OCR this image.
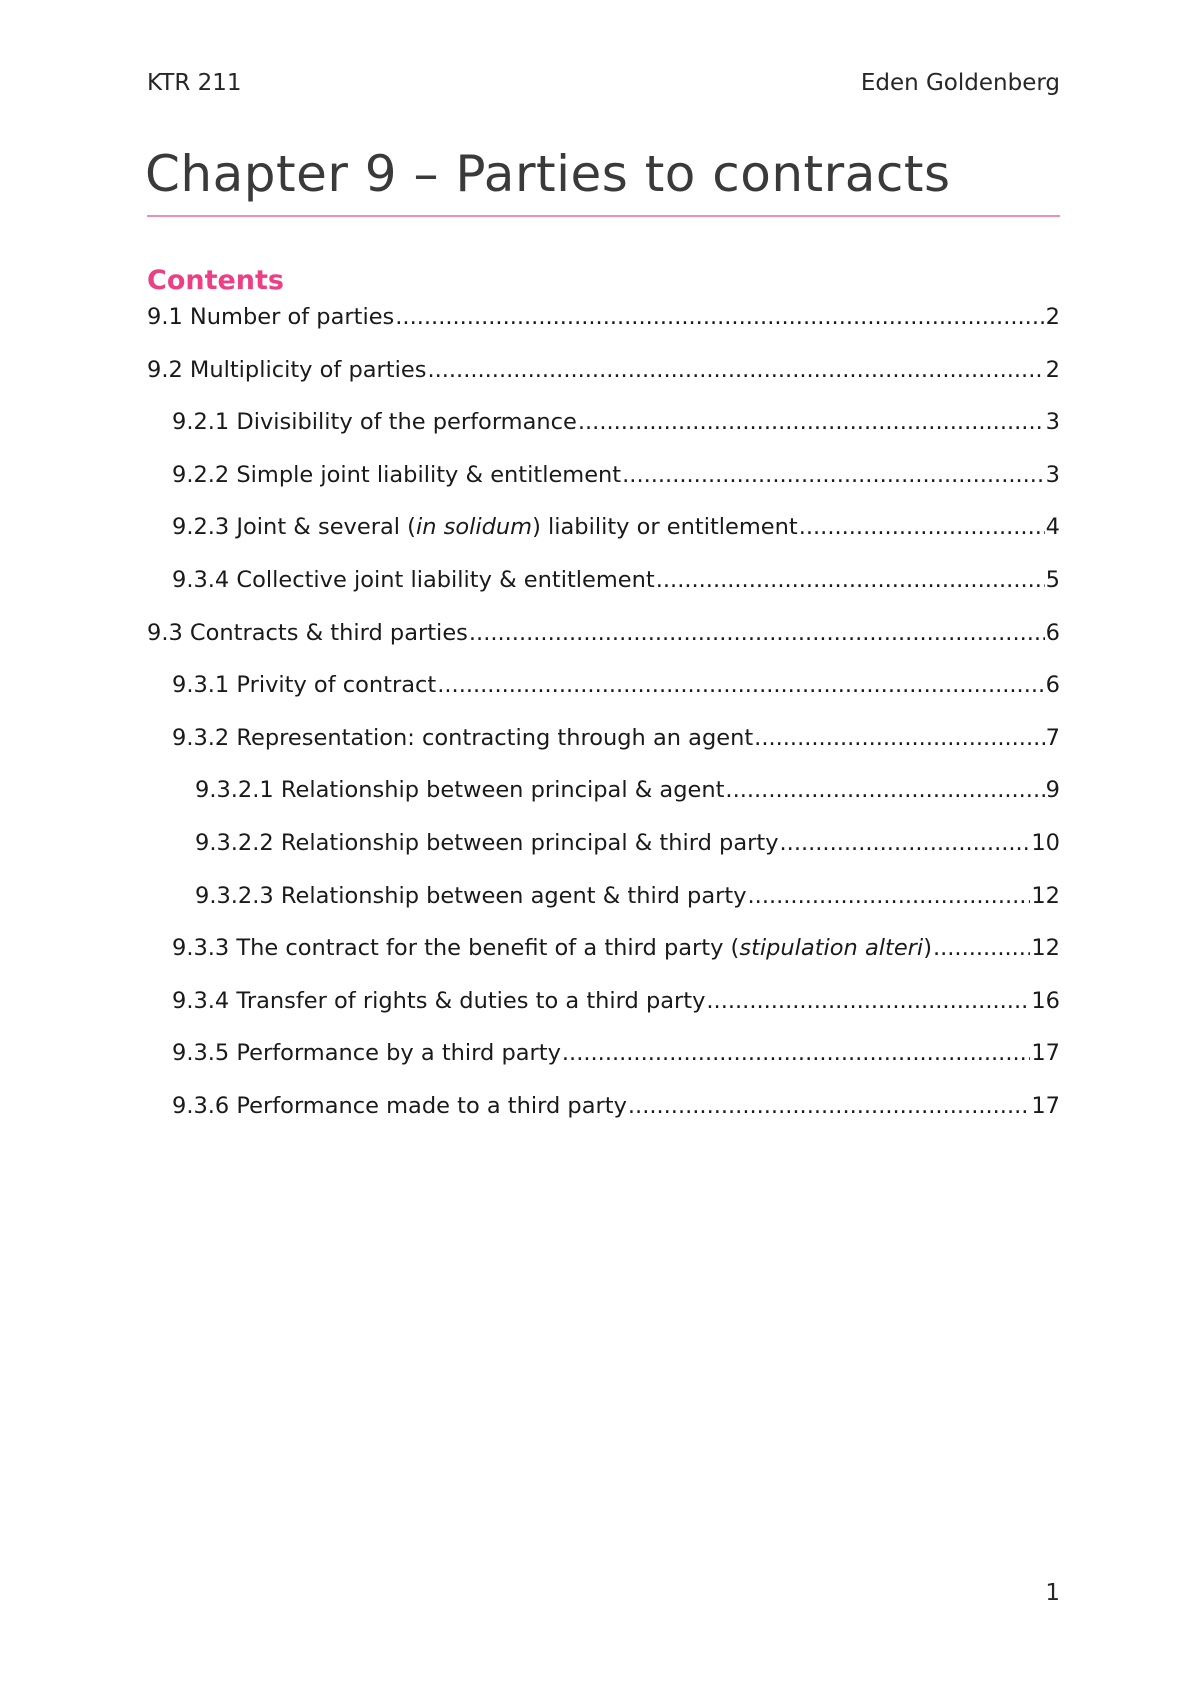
KTR 211	Eden Goldenberg
Chapter 9 – Parties to contracts
Contents
9.1 Number of parties .....	2
9.2 Multiplicity of parties .....	2
9.2.1 Divisibility of the performance .....	3
9.2.2 Simple joint liability & entitlement .....	3
9.2.3 Joint & several (in solidum) liability or entitlement .....	4
9.3.4 Collective joint liability & entitlement .....	5
9.3 Contracts & third parties .....	6
9.3.1 Privity of contract .....	6
9.3.2 Representation: contracting through an agent .....	7
9.3.2.1 Relationship between principal & agent .....	9
9.3.2.2 Relationship between principal & third party .....	10
9.3.2.3 Relationship between agent & third party .....	12
9.3.3 The contract for the benefit of a third party (stipulation alteri) .....	12
9.3.4 Transfer of rights & duties to a third party .....	16
9.3.5 Performance by a third party .....	17
9.3.6 Performance made to a third party .....	17
1
